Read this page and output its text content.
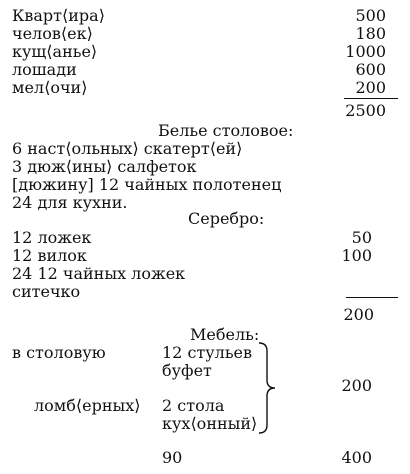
Кварт⟨ира⟩	500
челов⟨ек⟩	180
кущ⟨анье⟩	1000
лошади	600
мел⟨очи⟩	200
2500
Белье столовое:
6 наст⟨ольных⟩ скатерт⟨ей⟩
3 дюж⟨ины⟩ салфеток
[дюжину] 12 чайных полотенец
24 для кухни.
Серебро:
12 ложек	50
12 вилок	100
24 12 чайных ложек
ситечко
200
Мебель:
в столовую	12 стульев
буфет
ломб⟨ерных⟩ 2 стола
кух⟨онный⟩
200
90	400
